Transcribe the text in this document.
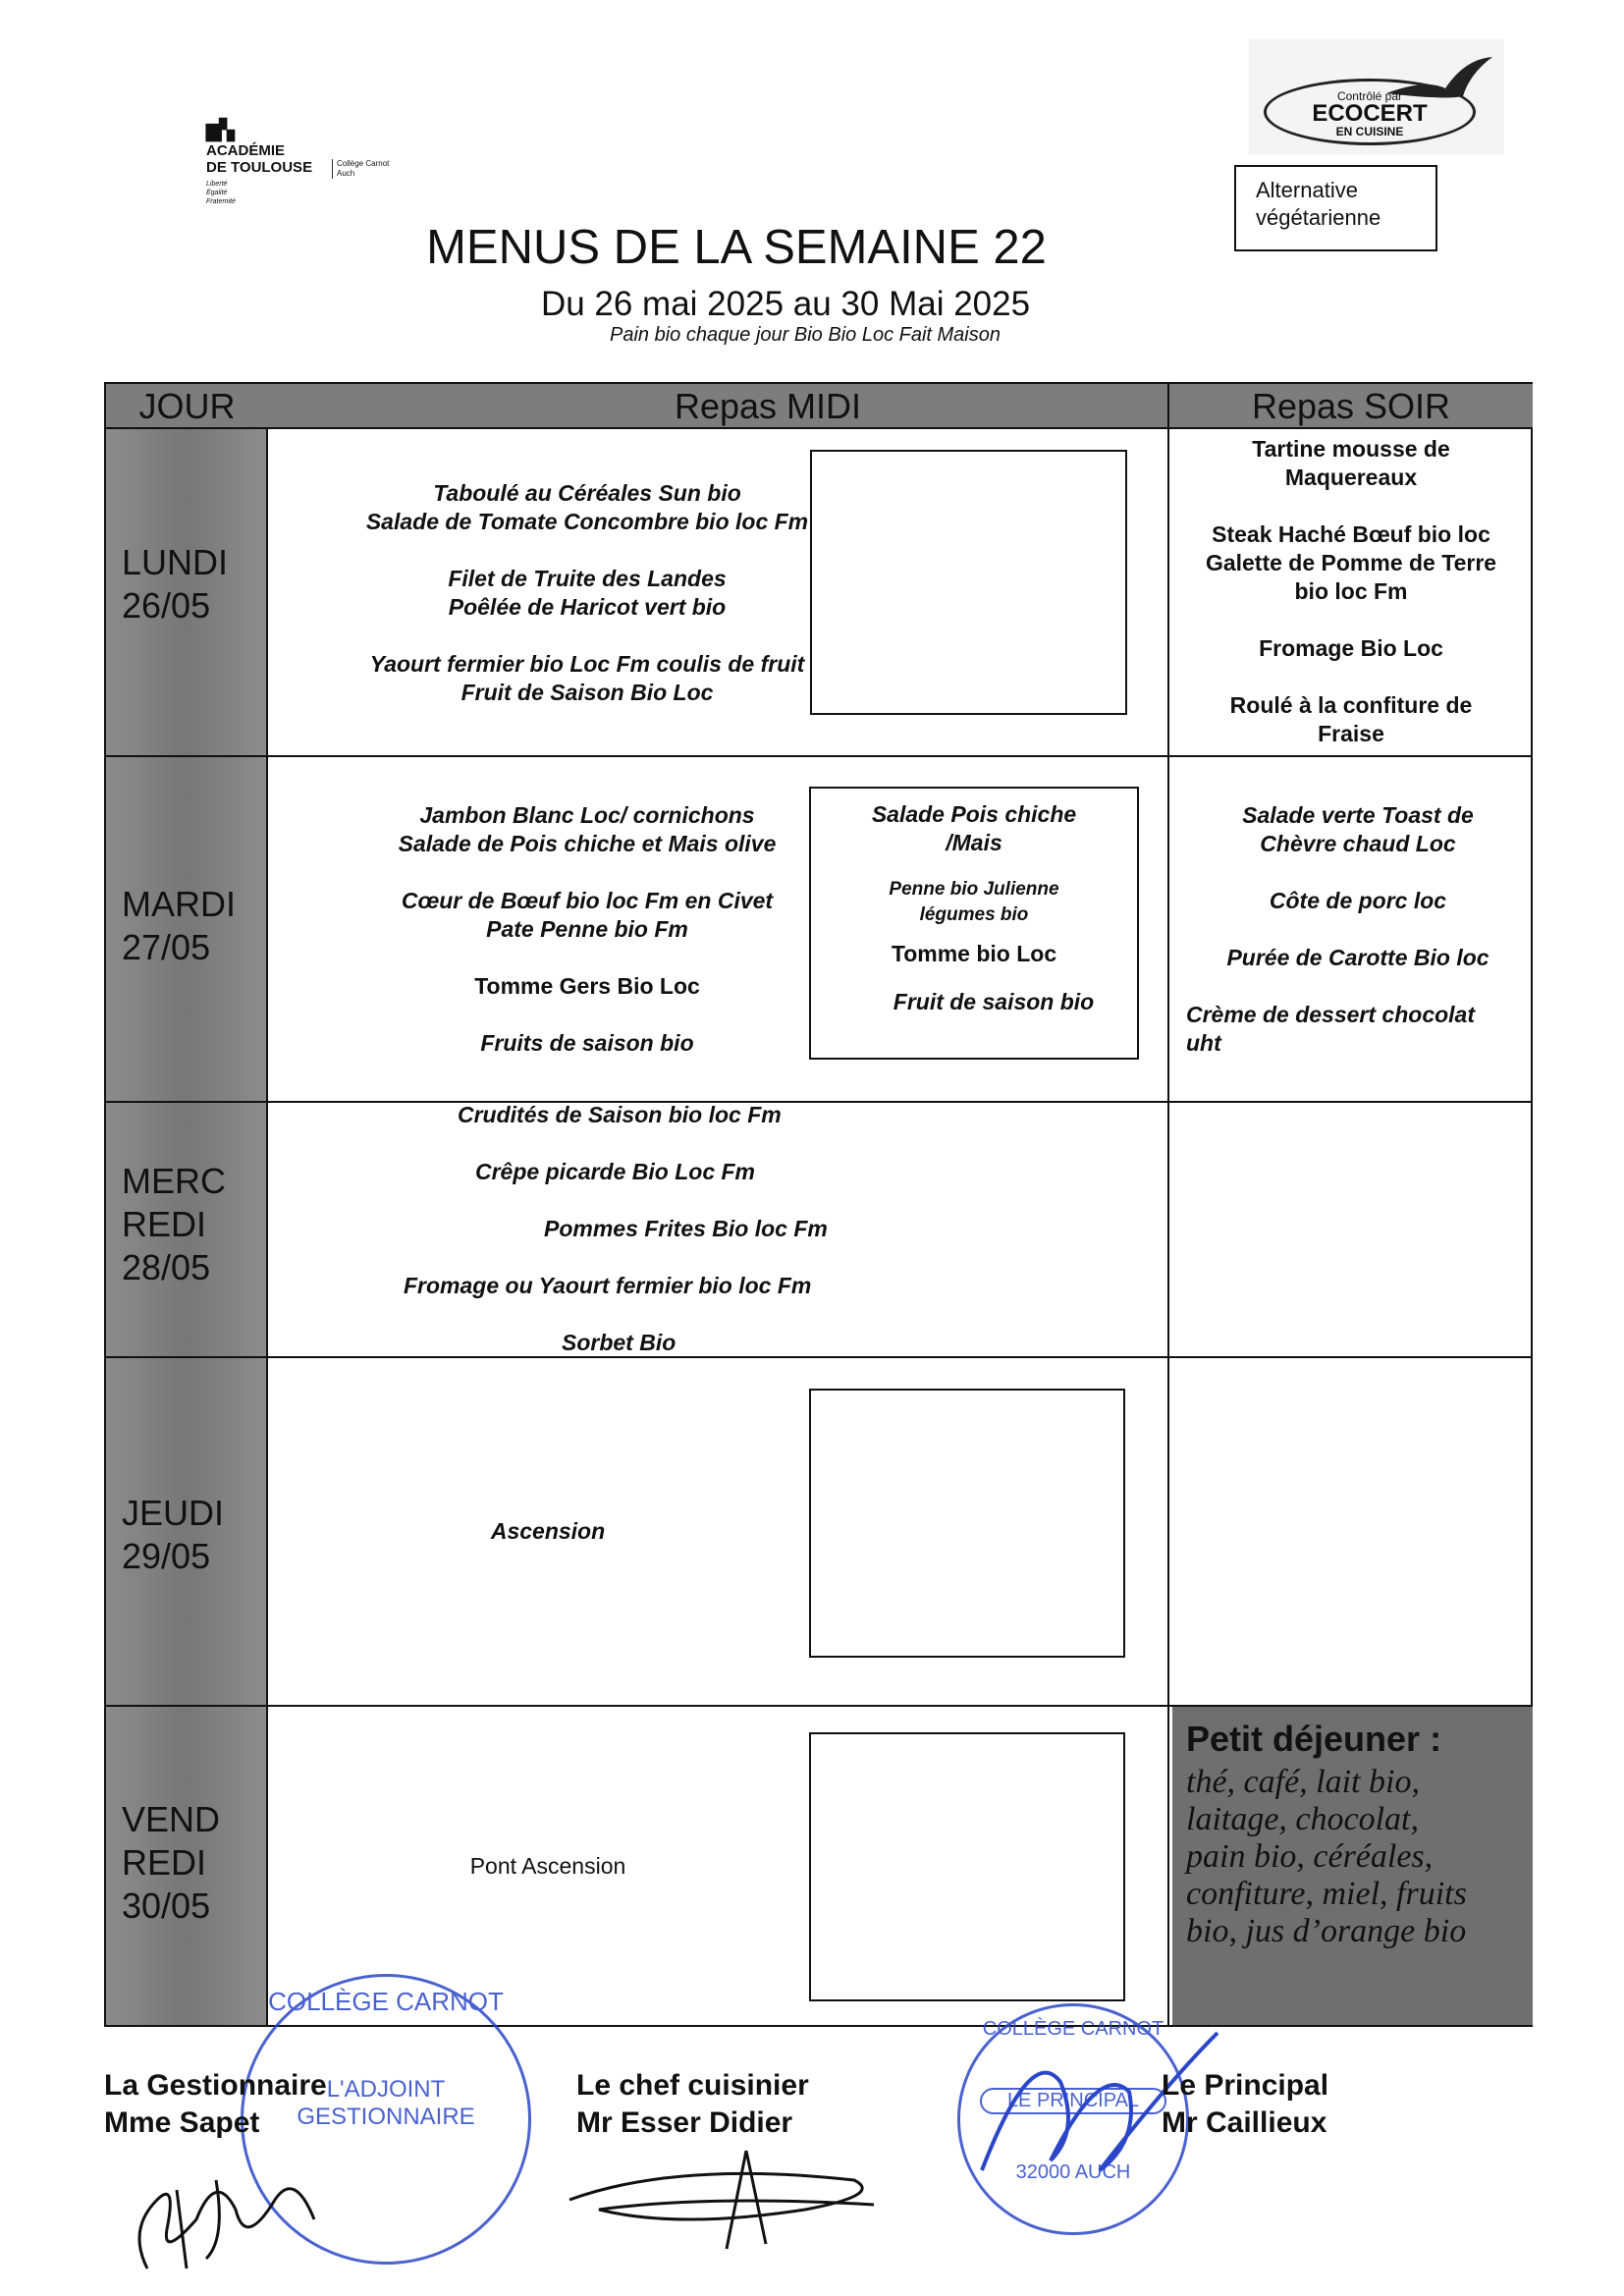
▆▚
ACADÉMIE
DE TOULOUSE
Liberté
Égalité
Fraternité
Collège Carnot
Auch
Contrôlé par
ECOCERT
EN CUISINE
Alternative
végétarienne
MENUS DE LA SEMAINE 22
Du 26 mai 2025 au 30 Mai 2025
Pain bio chaque jour Bio Bio Loc Fait Maison
JOUR	Repas MIDI	Repas SOIR
LUNDI
26/05
Taboulé au Céréales Sun bio
Salade de Tomate Concombre bio loc Fm
Filet de Truite des Landes
Poêlée de Haricot vert bio
Yaourt fermier bio Loc Fm coulis de fruit
Fruit de Saison Bio Loc
Tartine mousse de
Maquereaux
Steak Haché Bœuf bio loc
Galette de Pomme de Terre
bio loc Fm
Fromage Bio Loc
Roulé à la confiture de
Fraise
MARDI
27/05
Jambon Blanc Loc/ cornichons
Salade de Pois chiche et Mais olive
Cœur de Bœuf bio loc Fm en Civet
Pate Penne bio Fm
Tomme Gers Bio Loc
Fruits de saison bio
Salade Pois chiche
/Mais
Penne bio Julienne
légumes bio
Tomme bio Loc
Fruit de saison bio
Salade verte Toast de
Chèvre chaud Loc
Côte de porc loc
Purée de Carotte Bio loc
Crème de dessert chocolat
uht
MERC
REDI
28/05
Crudités de Saison bio loc Fm
Crêpe picarde Bio Loc Fm
Pommes Frites Bio loc Fm
Fromage ou Yaourt fermier bio loc Fm
Sorbet Bio
JEUDI
29/05
Ascension
VEND
REDI
30/05
Pont Ascension
Petit déjeuner :
thé, café, lait bio,
laitage, chocolat,
pain bio, céréales,
confiture, miel, fruits
bio, jus d’orange bio
COLLÈGE CARNOT
L'ADJOINT GESTIONNAIRE
La Gestionnaire
Mme Sapet
Le chef cuisinier
Mr Esser Didier
COLLÈGE CARNOT
LE PRINCIPAL
32000 AUCH
Le Principal
Mr Caillieux
